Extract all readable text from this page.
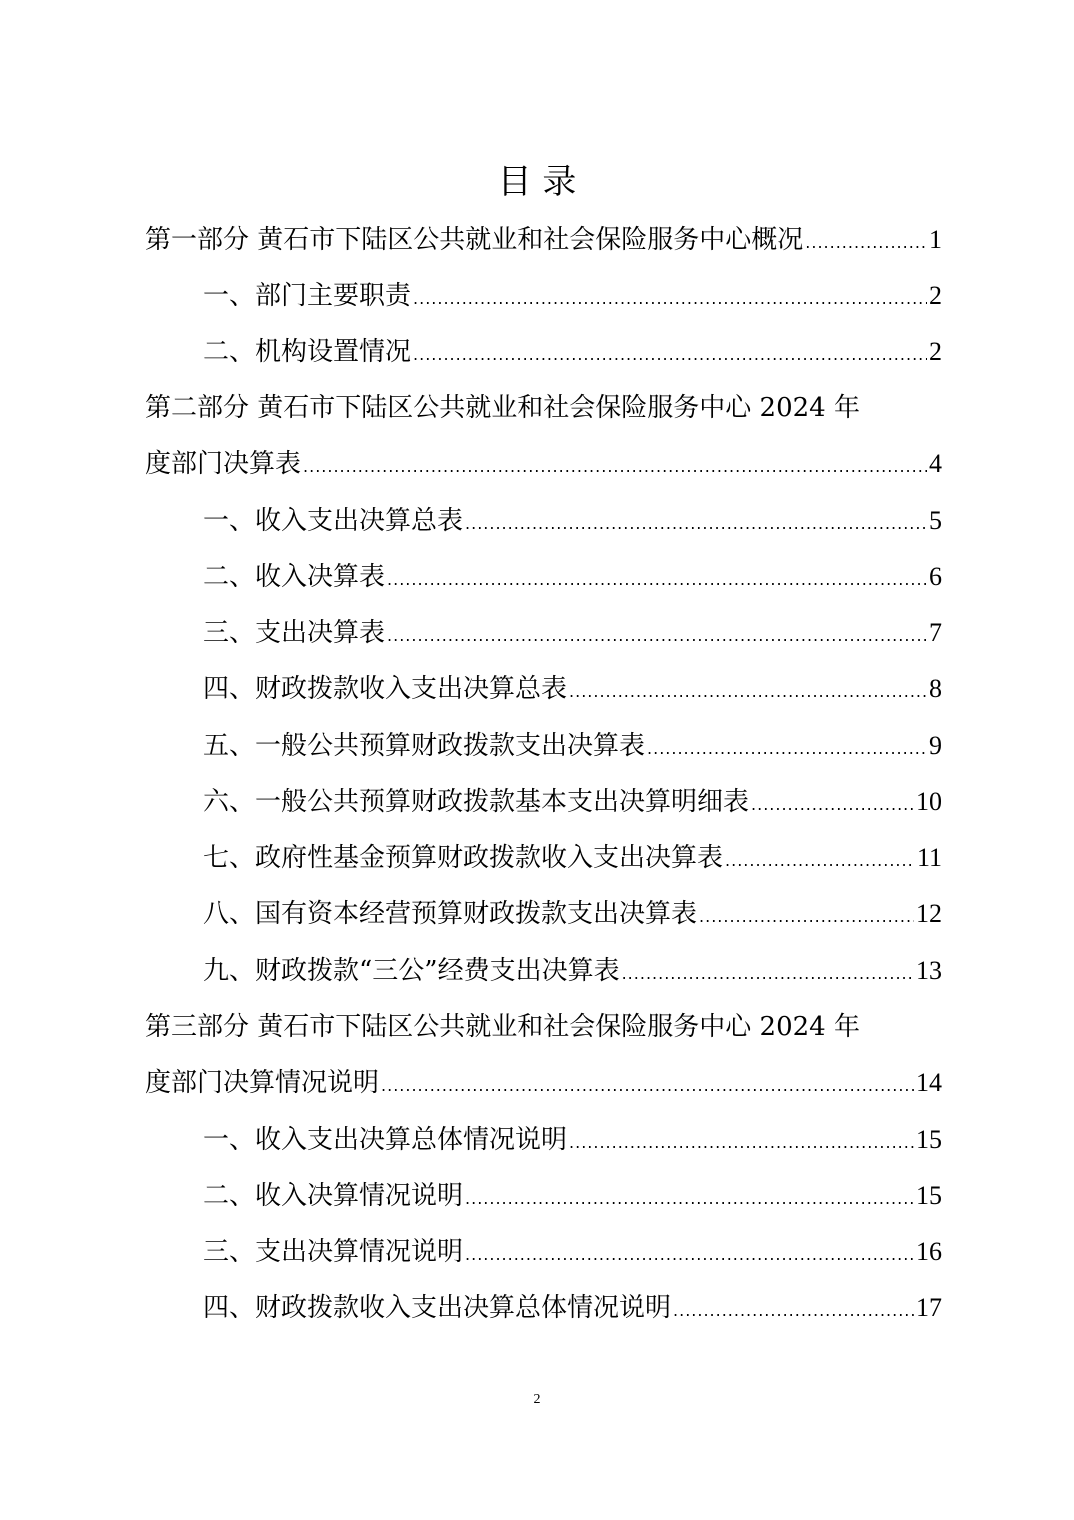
目 录
第一部分 黄石市下陆区公共就业和社会保险服务中心概况 .....	1
一、部门主要职责 .....	2
二、机构设置情况 .....	2
第二部分 黄石市下陆区公共就业和社会保险服务中心 2024 年
度部门决算表 .....	4
一、收入支出决算总表 .....	5
二、收入决算表 .....	6
三、支出决算表 .....	7
四、财政拨款收入支出决算总表 .....	8
五、一般公共预算财政拨款支出决算表 .....	9
六、一般公共预算财政拨款基本支出决算明细表 .....	10
七、政府性基金预算财政拨款收入支出决算表 .....	11
八、国有资本经营预算财政拨款支出决算表 .....	12
九、财政拨款“三公”经费支出决算表 .....	13
第三部分 黄石市下陆区公共就业和社会保险服务中心 2024 年
度部门决算情况说明 .....	14
一、收入支出决算总体情况说明 .....	15
二、收入决算情况说明 .....	15
三、支出决算情况说明 .....	16
四、财政拨款收入支出决算总体情况说明 .....	17
2
